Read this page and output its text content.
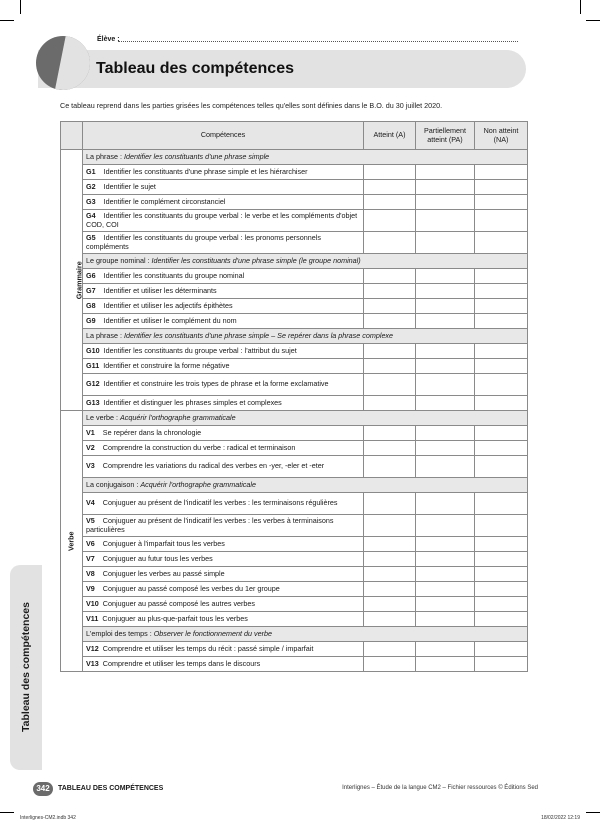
Élève :
Tableau des compétences
Ce tableau reprend dans les parties grisées les compétences telles qu'elles sont définies dans le B.O. du 30 juillet 2020.
	Compétences	Atteint (A)	Partiellement atteint (PA)	Non atteint (NA)
Grammaire	La phrase : Identifier les constituants d'une phrase simple			
	G1 Identifier les constituants d'une phrase simple et les hiérarchiser			
	G2 Identifier le sujet			
	G3 Identifier le complément circonstanciel			
	G4 Identifier les constituants du groupe verbal : le verbe et les compléments d'objet COD, COI			
	G5 Identifier les constituants du groupe verbal : les pronoms personnels compléments			
	Le groupe nominal : Identifier les constituants d'une phrase simple (le groupe nominal)			
	G6 Identifier les constituants du groupe nominal			
	G7 Identifier et utiliser les déterminants			
	G8 Identifier et utiliser les adjectifs épithètes			
	G9 Identifier et utiliser le complément du nom			
	La phrase : Identifier les constituants d'une phrase simple – Se repérer dans la phrase complexe			
	G10 Identifier les constituants du groupe verbal : l'attribut du sujet			
	G11 Identifier et construire la forme négative			
	G12 Identifier et construire les trois types de phrase et la forme exclamative			
	G13 Identifier et distinguer les phrases simples et complexes			
Verbe	Le verbe : Acquérir l'orthographe grammaticale			
	V1 Se repérer dans la chronologie			
	V2 Comprendre la construction du verbe : radical et terminaison			
	V3 Comprendre les variations du radical des verbes en -yer, -eler et -eter			
	La conjugaison : Acquérir l'orthographe grammaticale			
	V4 Conjuguer au présent de l'indicatif les verbes : les terminaisons régulières			
	V5 Conjuguer au présent de l'indicatif les verbes : les verbes à terminaisons particulières			
	V6 Conjuguer à l'imparfait tous les verbes			
	V7 Conjuguer au futur tous les verbes			
	V8 Conjuguer les verbes au passé simple			
	V9 Conjuguer au passé composé les verbes du 1er groupe			
	V10 Conjuguer au passé composé les autres verbes			
	V11 Conjuguer au plus-que-parfait tous les verbes			
	L'emploi des temps : Observer le fonctionnement du verbe			
	V12 Comprendre et utiliser les temps du récit : passé simple / imparfait			
	V13 Comprendre et utiliser les temps dans le discours			
Tableau des compétences
342	TABLEAU DES COMPÉTENCES	Interlignes – Étude de la langue CM2 – Fichier ressources © Éditions Sed
Interlignes-CM2.indb 342	18/02/2022 12:19
